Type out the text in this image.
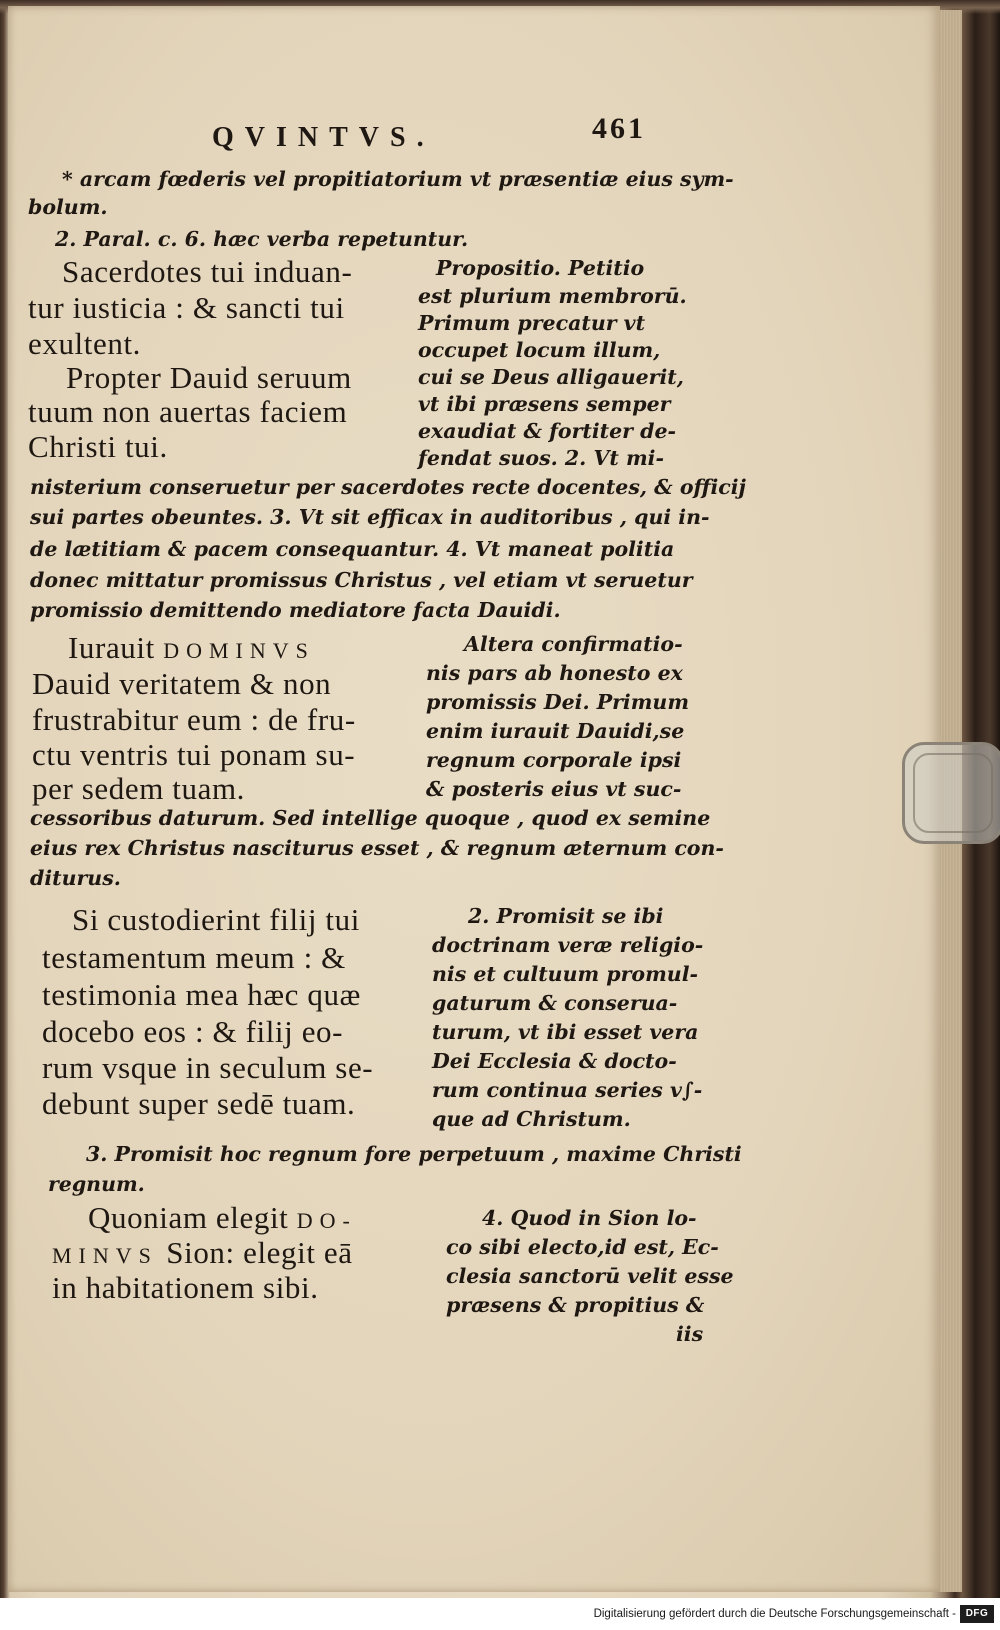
QVINTVS.	461
* arcam fœderis vel propitiatorium vt præsentiæ eius sym-
bolum.
2. Paral. c. 6. hæc verba repetuntur.
Sacerdotes tui induan-
tur iusticia : & sancti tui
exultent.
Propter Dauid seruum
tuum non auertas faciem
Christi tui.
Propositio. Petitio
est plurium membrorū.
Primum precatur vt
occupet locum illum,
cui se Deus alligauerit,
vt ibi præsens semper
exaudiat & fortiter de-
fendat suos. 2. Vt mi-
nisterium conseruetur per sacerdotes recte docentes, & officij
sui partes obeuntes. 3. Vt sit efficax in auditoribus , qui in-
de lætitiam & pacem consequantur. 4. Vt maneat politia
donec mittatur promissus Christus , vel etiam vt seruetur
promissio demittendo mediatore facta Dauidi.
Iurauit DOMINVS
Dauid veritatem & non
frustrabitur eum : de fru-
ctu ventris tui ponam su-
per sedem tuam.
Altera confirmatio-
nis pars ab honesto ex
promissis Dei. Primum
enim iurauit Dauidi,se
regnum corporale ipsi
& posteris eius vt suc-
cessoribus daturum. Sed intellige quoque , quod ex semine
eius rex Christus nasciturus esset , & regnum æternum con-
diturus.
Si custodierint filij tui
testamentum meum : &
testimonia mea hæc quæ
docebo eos : & filij eo-
rum vsque in seculum se-
debunt super sedē tuam.
2. Promisit se ibi
doctrinam veræ religio-
nis et cultuum promul-
gaturum & conserua-
turum, vt ibi esset vera
Dei Ecclesia & docto-
rum continua series v∫-
que ad Christum.
3. Promisit hoc regnum fore perpetuum , maxime Christi
regnum.
Quoniam elegit DO-
MINVS Sion: elegit eā
in habitationem sibi.
4. Quod in Sion lo-
co sibi electo,id est, Ec-
clesia sanctorū velit esse
præsens & propitius &
iis
Digitalisierung gefördert durch die Deutsche Forschungsgemeinschaft - DFG
